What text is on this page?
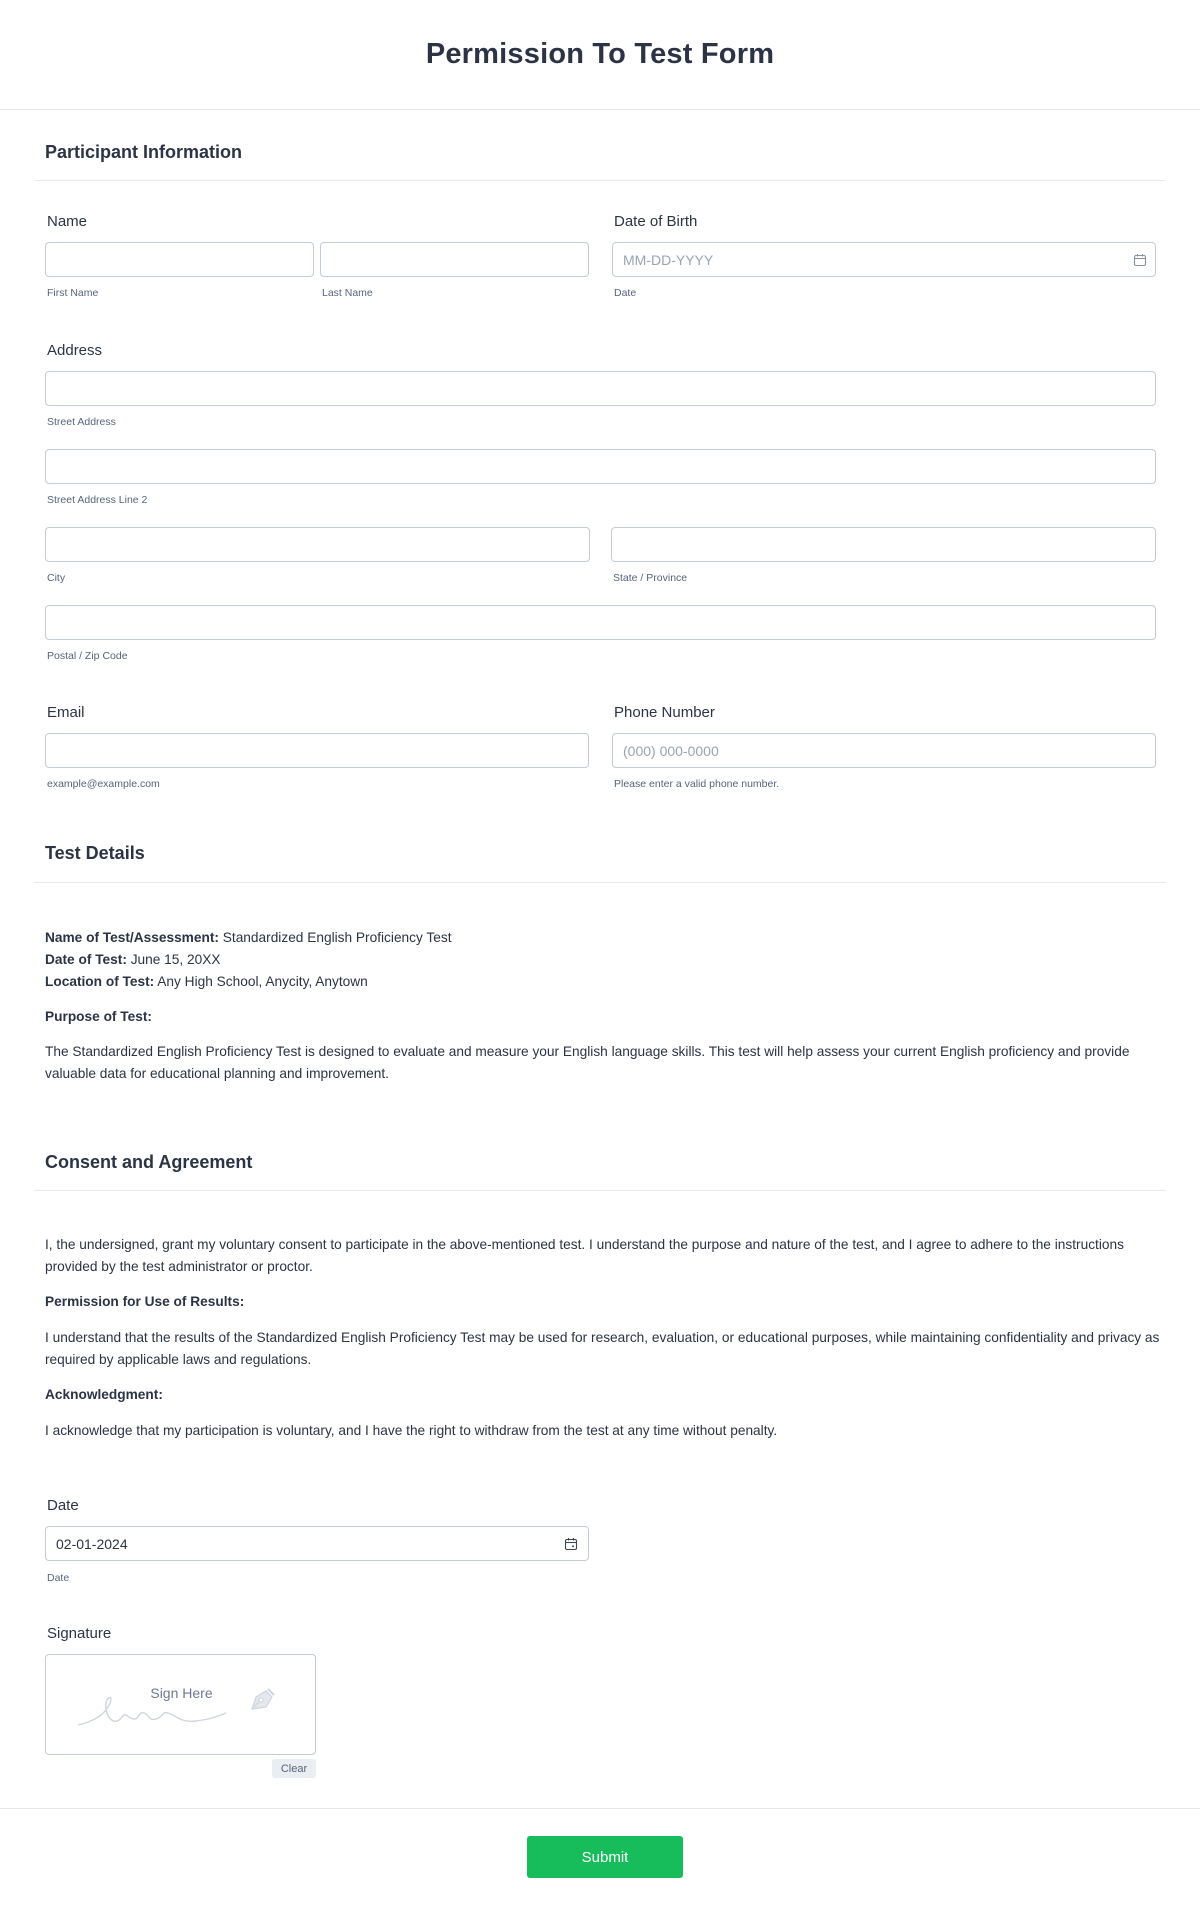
Permission To Test Form
Participant Information
Name
First Name	Last Name
Date of Birth
MM-DD-YYYY
Date
Address
Street Address
Street Address Line 2
City	State / Province
Postal / Zip Code
Email
example@example.com
Phone Number
(000) 000-0000
Please enter a valid phone number.
Test Details
Name of Test/Assessment: Standardized English Proficiency Test
Date of Test: June 15, 20XX
Location of Test: Any High School, Anycity, Anytown
Purpose of Test:
The Standardized English Proficiency Test is designed to evaluate and measure your English language skills. This test will help assess your current English proficiency and provide valuable data for educational planning and improvement.
Consent and Agreement
I, the undersigned, grant my voluntary consent to participate in the above-mentioned test. I understand the purpose and nature of the test, and I agree to adhere to the instructions provided by the test administrator or proctor.
Permission for Use of Results:
I understand that the results of the Standardized English Proficiency Test may be used for research, evaluation, or educational purposes, while maintaining confidentiality and privacy as required by applicable laws and regulations.
Acknowledgment:
I acknowledge that my participation is voluntary, and I have the right to withdraw from the test at any time without penalty.
Date
02-01-2024
Date
Signature
Sign Here
Clear
Submit
